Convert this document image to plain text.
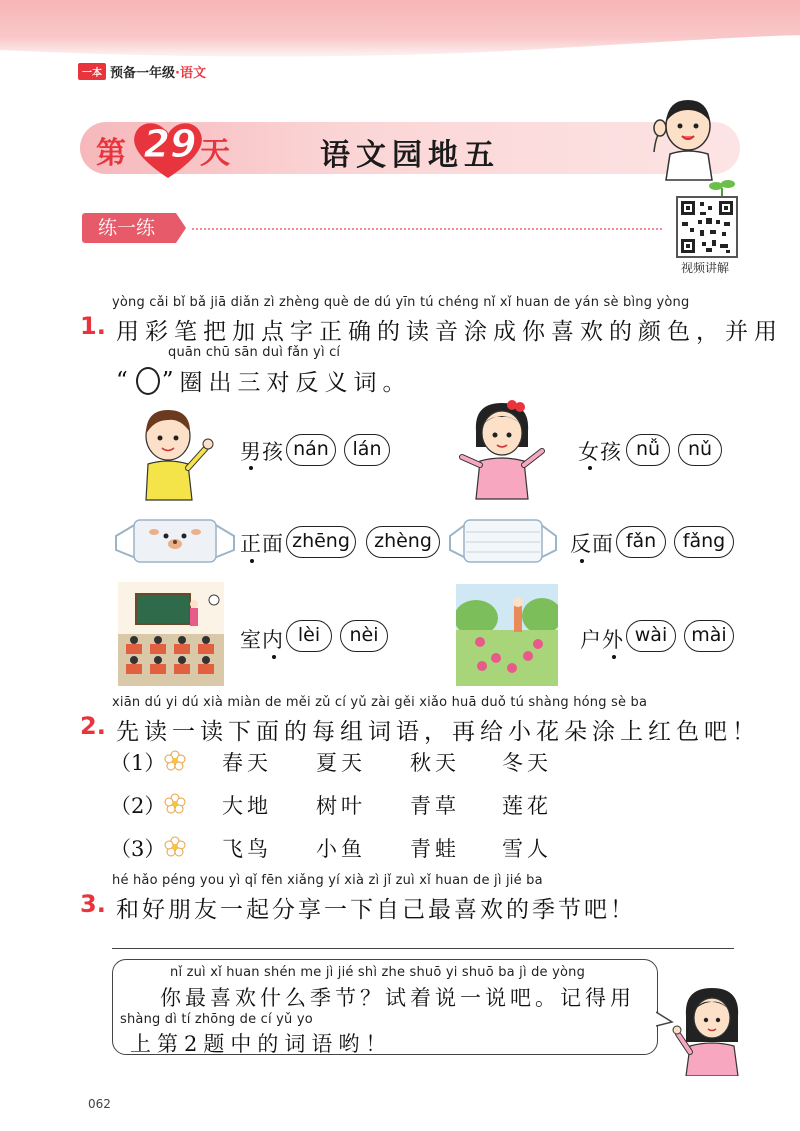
一本 预备一年级·语文
第 29 天	语文园地五
练一练
视频讲解
yòng cǎi bǐ bǎ jiā diǎn zì zhèng què de dú yīn tú chéng nǐ xǐ huan de yán sè bìng yòng
1. 用彩笔把加点字正确的读音涂成你喜欢的颜色，并用
quān chū sān duì fǎn yì cí
“ ” 圈出三对反义词。
男孩 nán	lán	女孩 nǚ	nǔ
正面 zhēng	zhèng	反面 fǎn	fǎng
室内 lèi	nèi	户外 wài	mài
xiān dú yi dú xià miàn de měi zǔ cí yǔ zài gěi xiǎo huā duǒ tú shàng hóng sè ba
2. 先读一读下面的每组词语，再给小花朵涂上红色吧！
（1）	春天 夏天 秋天 冬天
（2）	大地 树叶 青草 莲花
（3）	飞鸟 小鱼 青蛙 雪人
hé hǎo péng you yì qǐ fēn xiǎng yí xià zì jǐ zuì xǐ huan de jì jié ba
3. 和好朋友一起分享一下自己最喜欢的季节吧！
nǐ zuì xǐ huan shén me jì jié shì zhe shuō yi shuō ba jì de yòng
你最喜欢什么季节？试着说一说吧。记得用
shàng dì tí zhōng de cí yǔ yo
上第2题中的词语哟！
062
